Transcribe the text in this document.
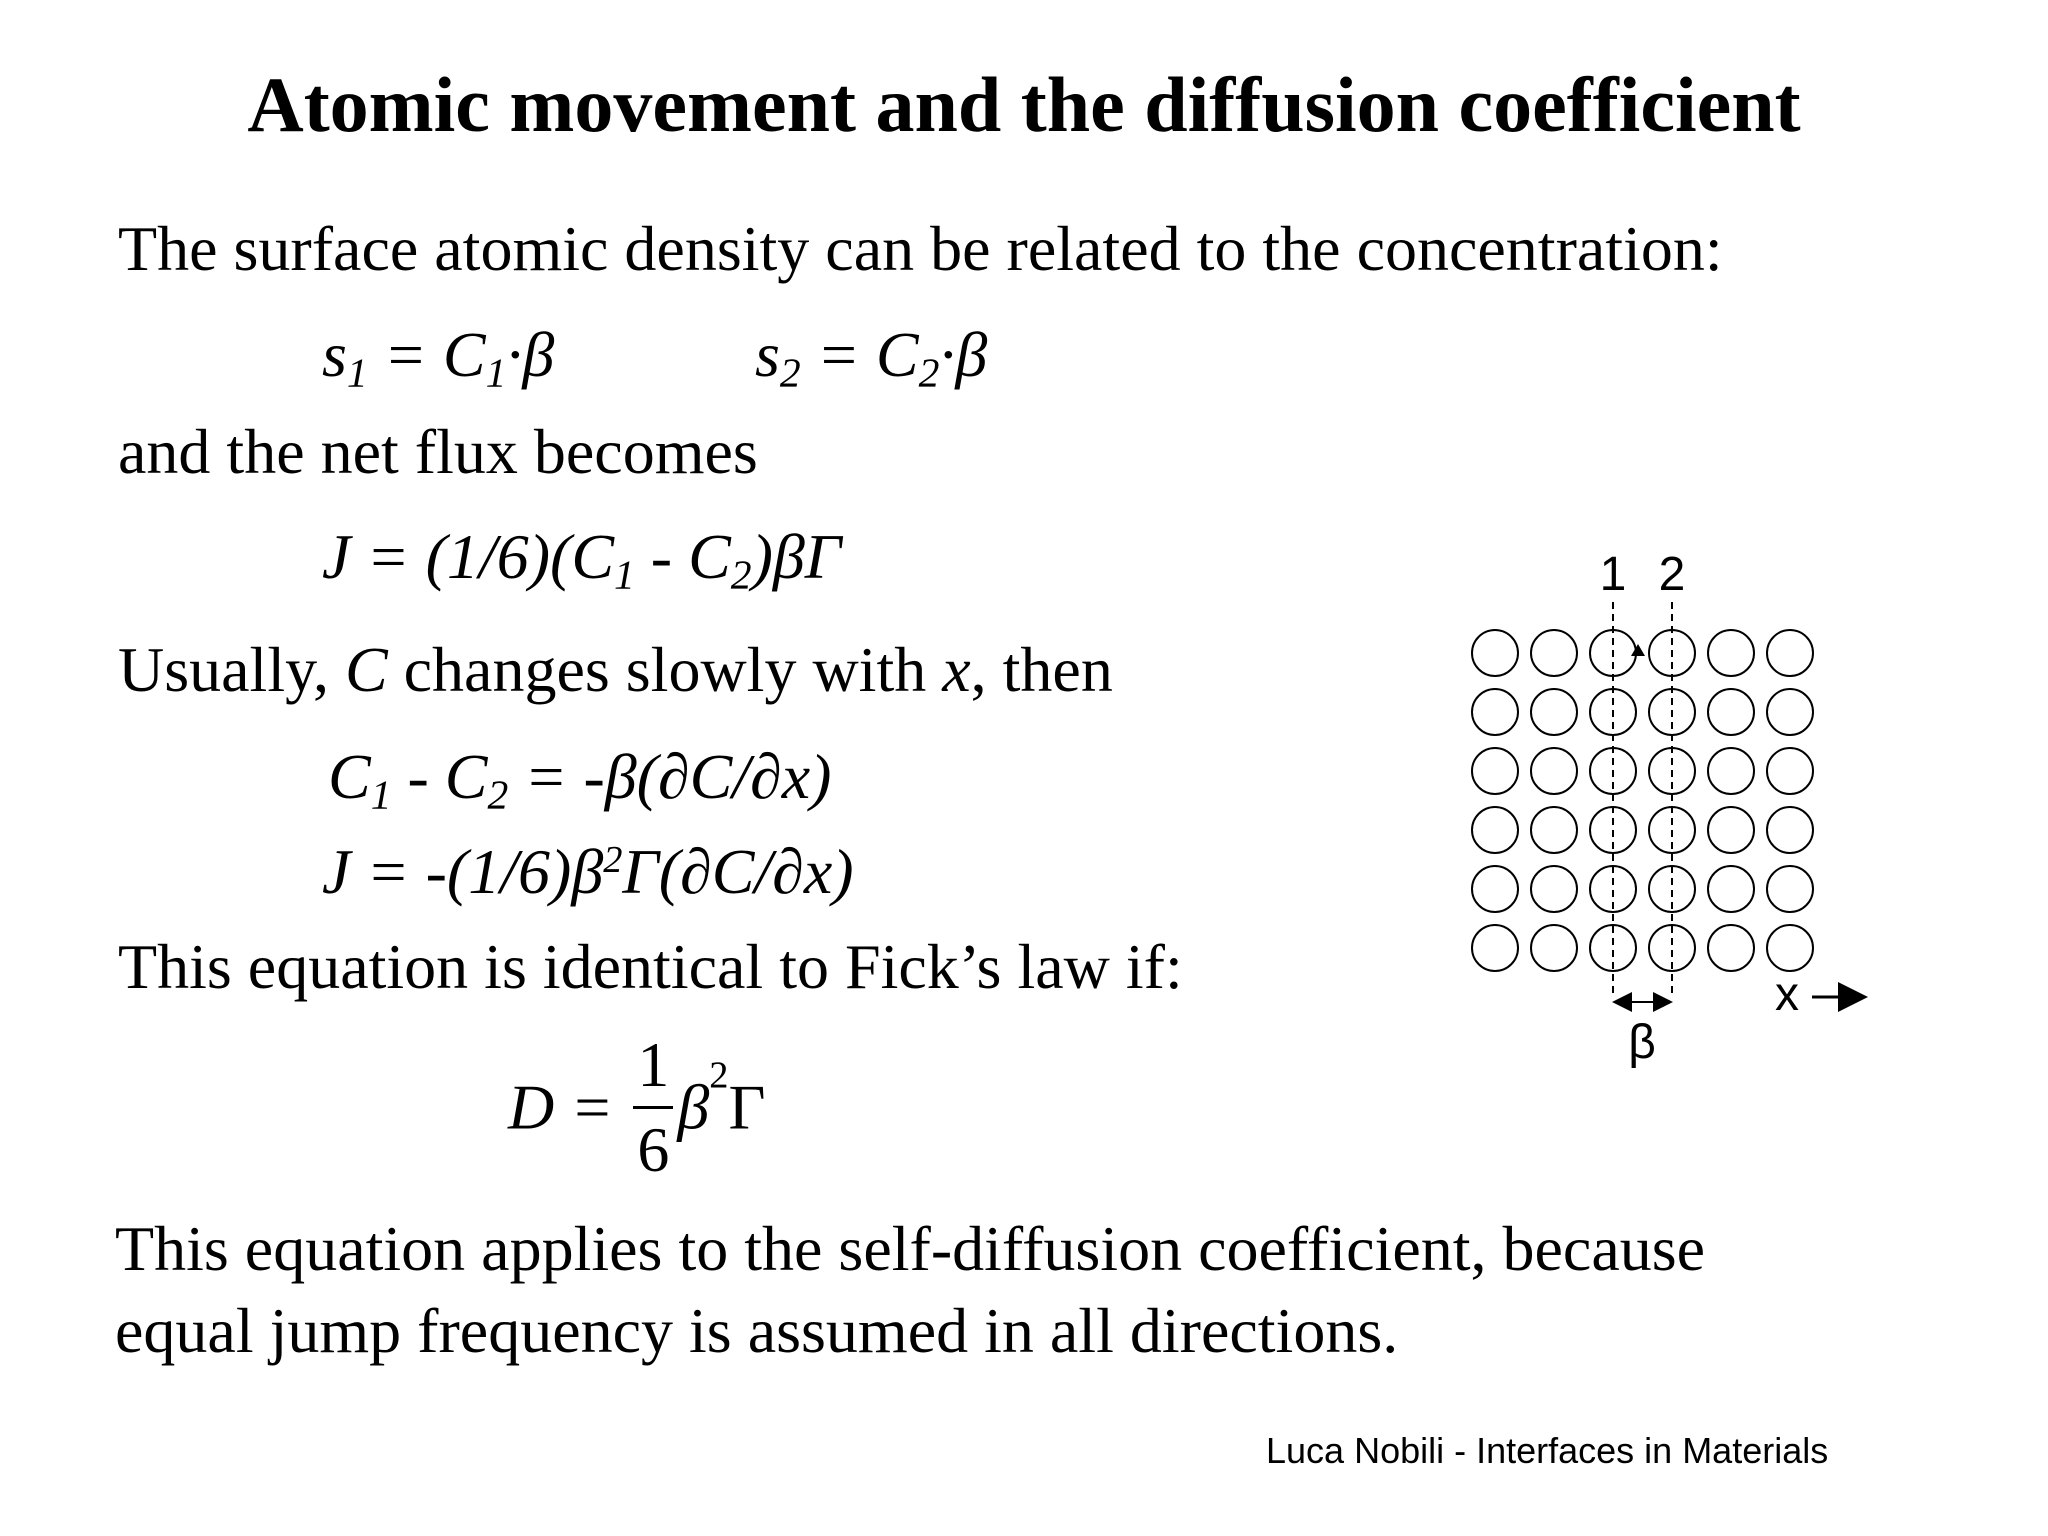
Atomic movement and the diffusion coefficient
The surface atomic density can be related to the concentration:
$s_1 = C_1\cdot\beta$	$s_2 = C_2\cdot\beta$
and the net flux becomes
$J = (1/6)(C_1 - C_2)\beta\Gamma$
Usually, C changes slowly with x, then
$C_1 - C_2 = -\beta(\partial C/\partial x)$
$J = -(1/6)\beta^2\Gamma(\partial C/\partial x)$
This equation is identical to Fick’s law if:
$D = \frac{1}{6} \beta^2\Gamma$
This equation applies to the self-diffusion coefficient, because
equal jump frequency is assumed in all directions.
Luca Nobili - Interfaces in Materials
1 2
β
x
